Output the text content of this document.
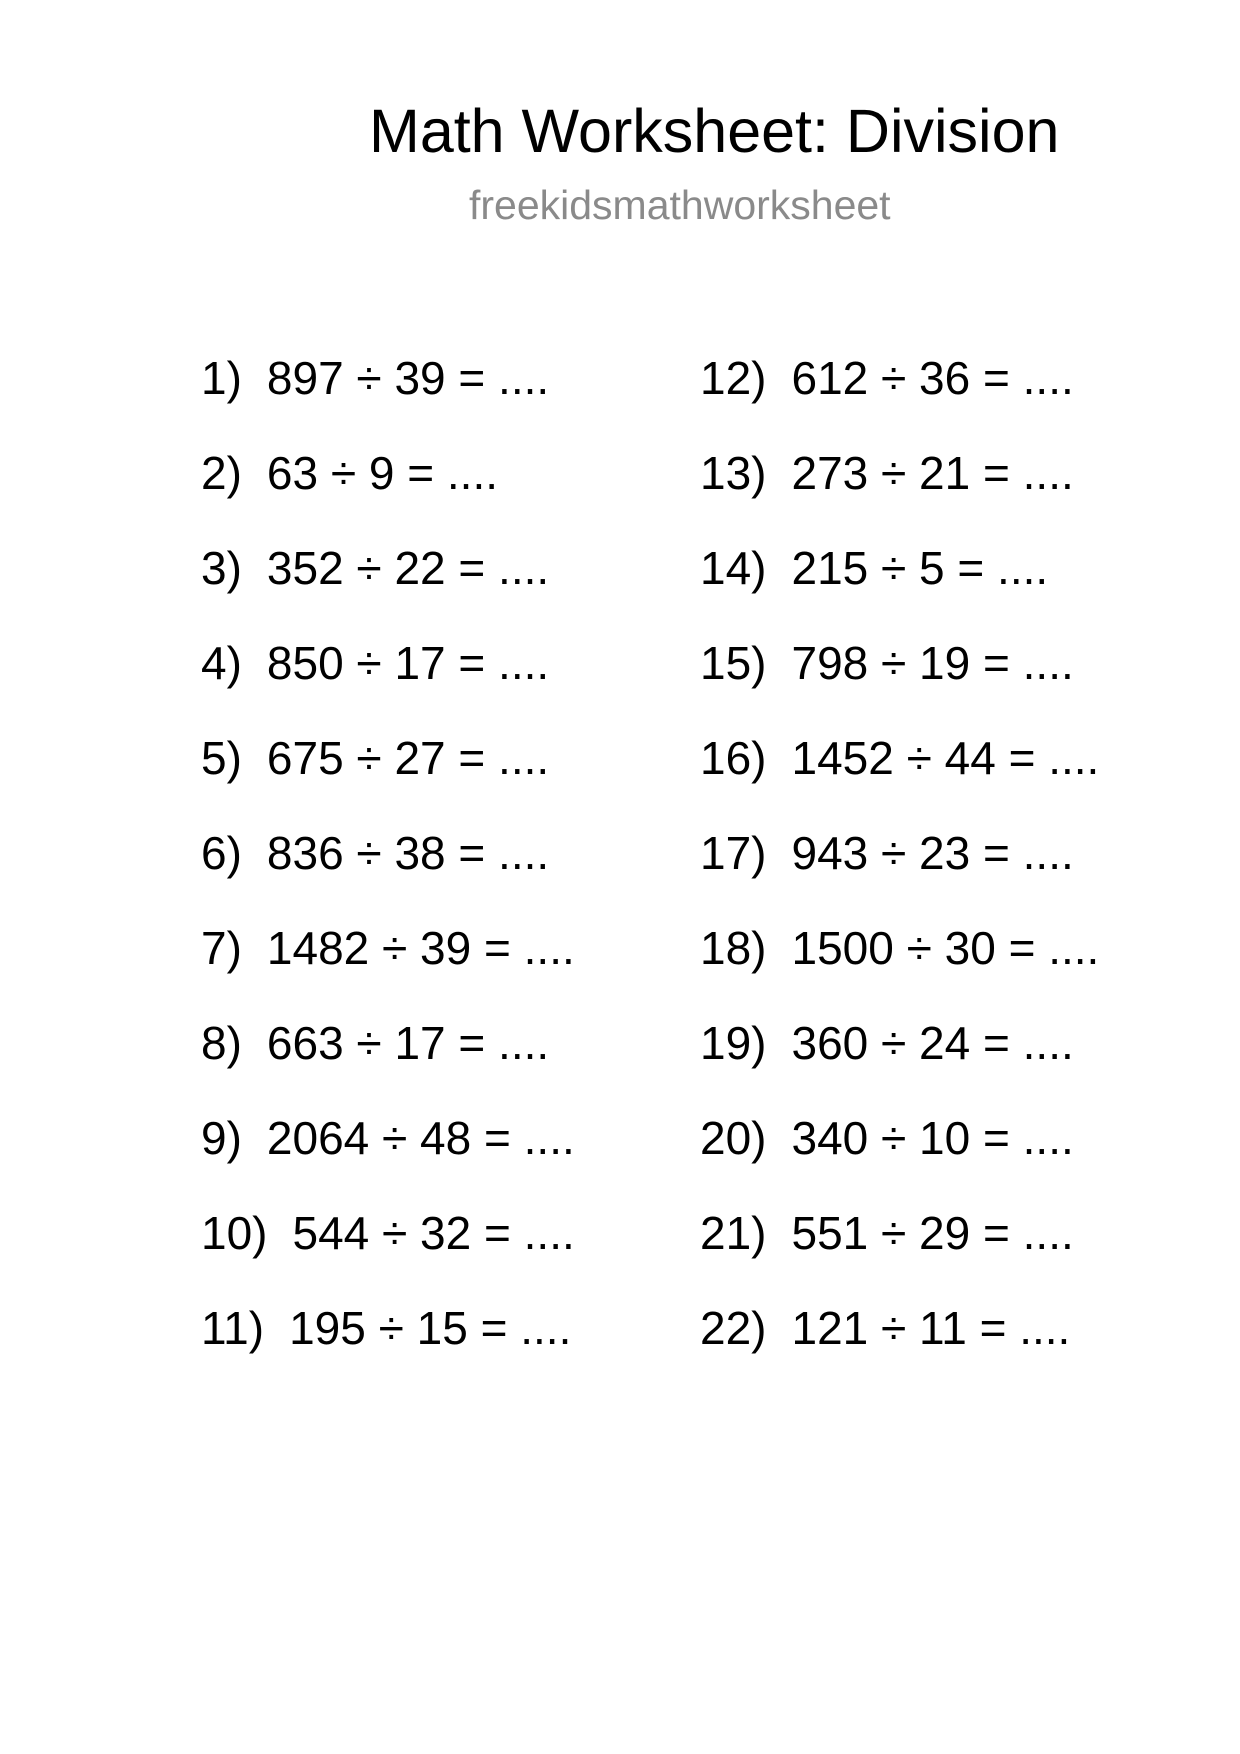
Math Worksheet: Division
freekidsmathworksheet
1) 897 ÷ 39 = ....
2) 63 ÷ 9 = ....
3) 352 ÷ 22 = ....
4) 850 ÷ 17 = ....
5) 675 ÷ 27 = ....
6) 836 ÷ 38 = ....
7) 1482 ÷ 39 = ....
8) 663 ÷ 17 = ....
9) 2064 ÷ 48 = ....
10) 544 ÷ 32 = ....
11) 195 ÷ 15 = ....
12) 612 ÷ 36 = ....
13) 273 ÷ 21 = ....
14) 215 ÷ 5 = ....
15) 798 ÷ 19 = ....
16) 1452 ÷ 44 = ....
17) 943 ÷ 23 = ....
18) 1500 ÷ 30 = ....
19) 360 ÷ 24 = ....
20) 340 ÷ 10 = ....
21) 551 ÷ 29 = ....
22) 121 ÷ 11 = ....
